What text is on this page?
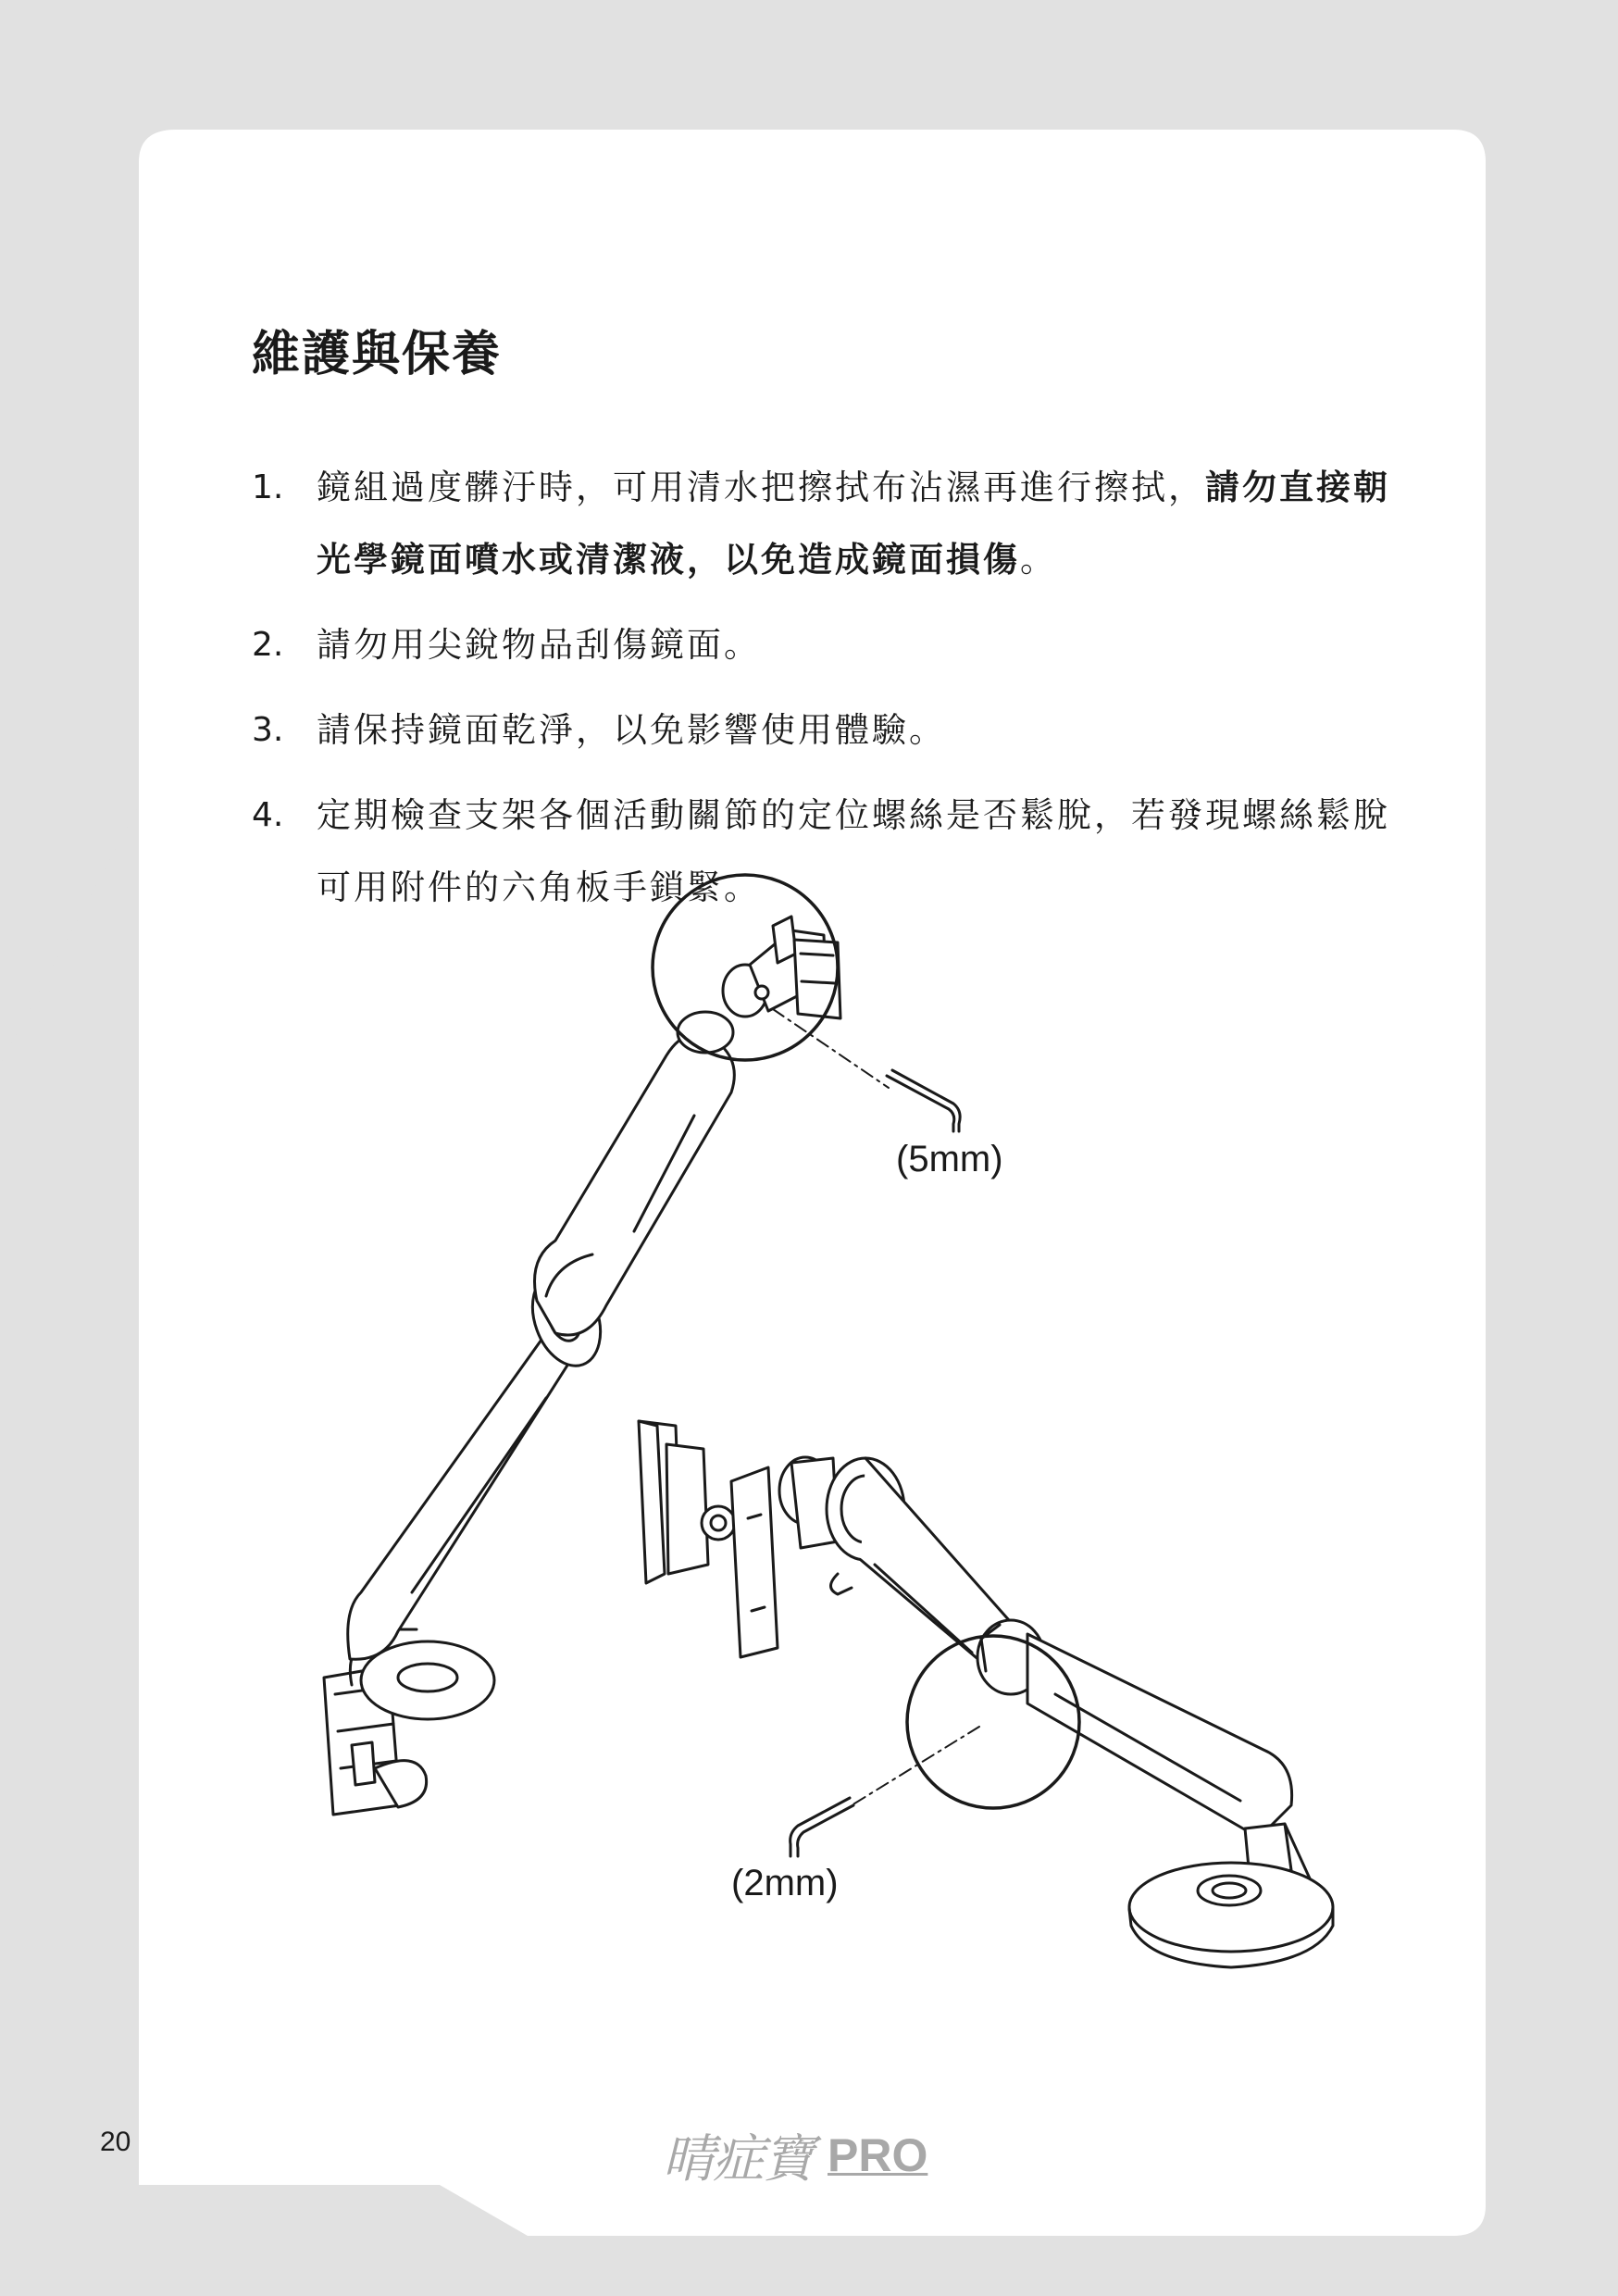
維護與保養
1. 鏡組過度髒汙時，可用清水把擦拭布沾濕再進行擦拭，請勿直接朝光學鏡面噴水或清潔液，以免造成鏡面損傷。
2. 請勿用尖銳物品刮傷鏡面。
3. 請保持鏡面乾淨，以免影響使用體驗。
4. 定期檢查支架各個活動關節的定位螺絲是否鬆脫，若發現螺絲鬆脫可用附件的六角板手鎖緊。
(5mm)
(2mm)
20	晴症寶 PRO
